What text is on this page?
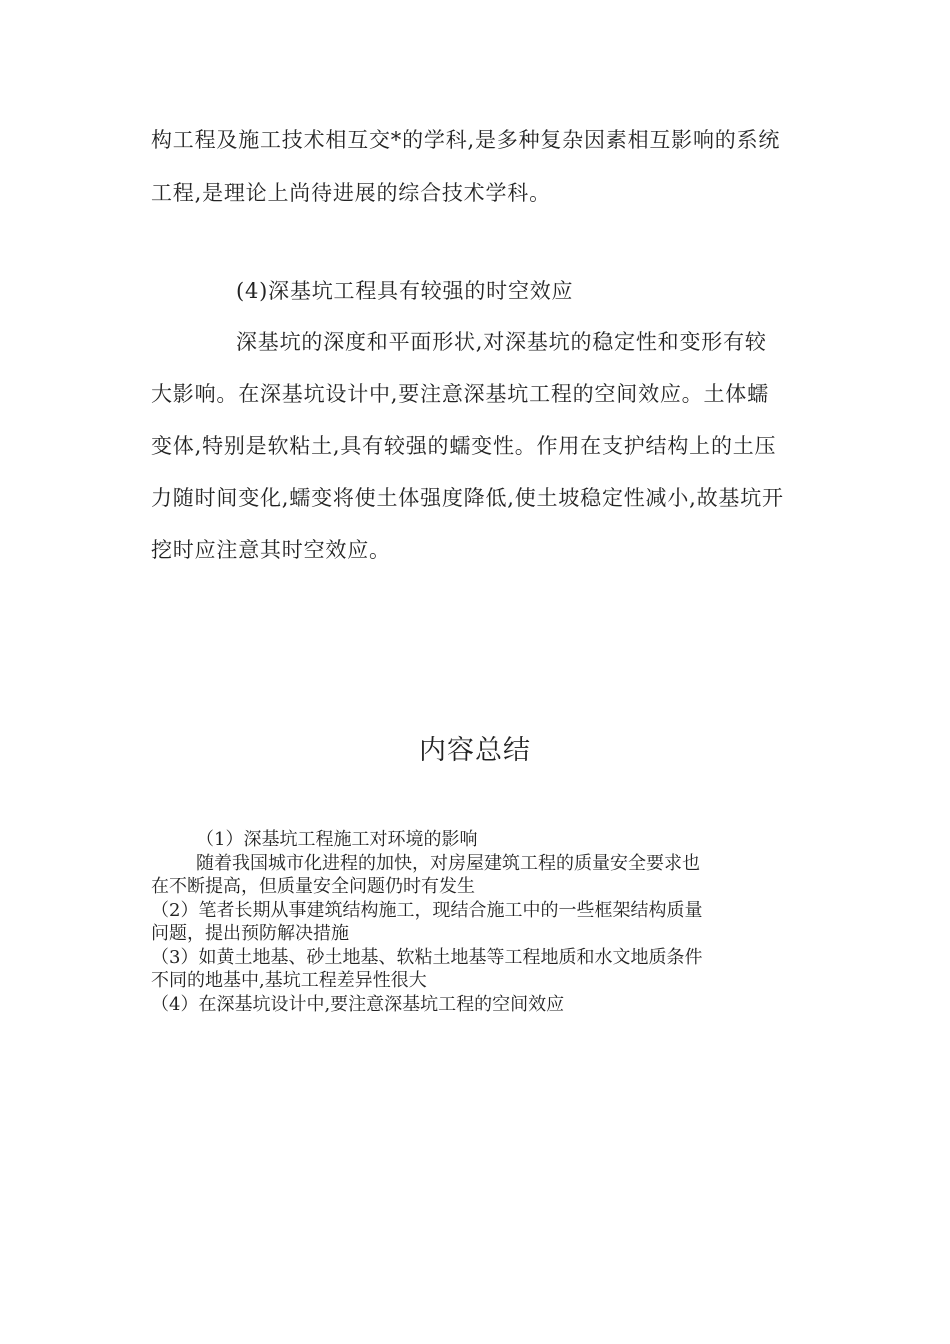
构工程及施工技术相互交*的学科,是多种复杂因素相互影响的系统
工程,是理论上尚待进展的综合技术学科。
(4)深基坑工程具有较强的时空效应
深基坑的深度和平面形状,对深基坑的稳定性和变形有较
大影响。在深基坑设计中,要注意深基坑工程的空间效应。土体蠕
变体,特别是软粘土,具有较强的蠕变性。作用在支护结构上的土压
力随时间变化,蠕变将使土体强度降低,使土坡稳定性减小,故基坑开
挖时应注意其时空效应。
内容总结
（1）深基坑工程施工对环境的影响
随着我国城市化进程的加快，对房屋建筑工程的质量安全要求也
在不断提高，但质量安全问题仍时有发生
（2）笔者长期从事建筑结构施工，现结合施工中的一些框架结构质量
问题，提出预防解决措施
（3）如黄土地基、砂土地基、软粘土地基等工程地质和水文地质条件
不同的地基中,基坑工程差异性很大
（4）在深基坑设计中,要注意深基坑工程的空间效应
